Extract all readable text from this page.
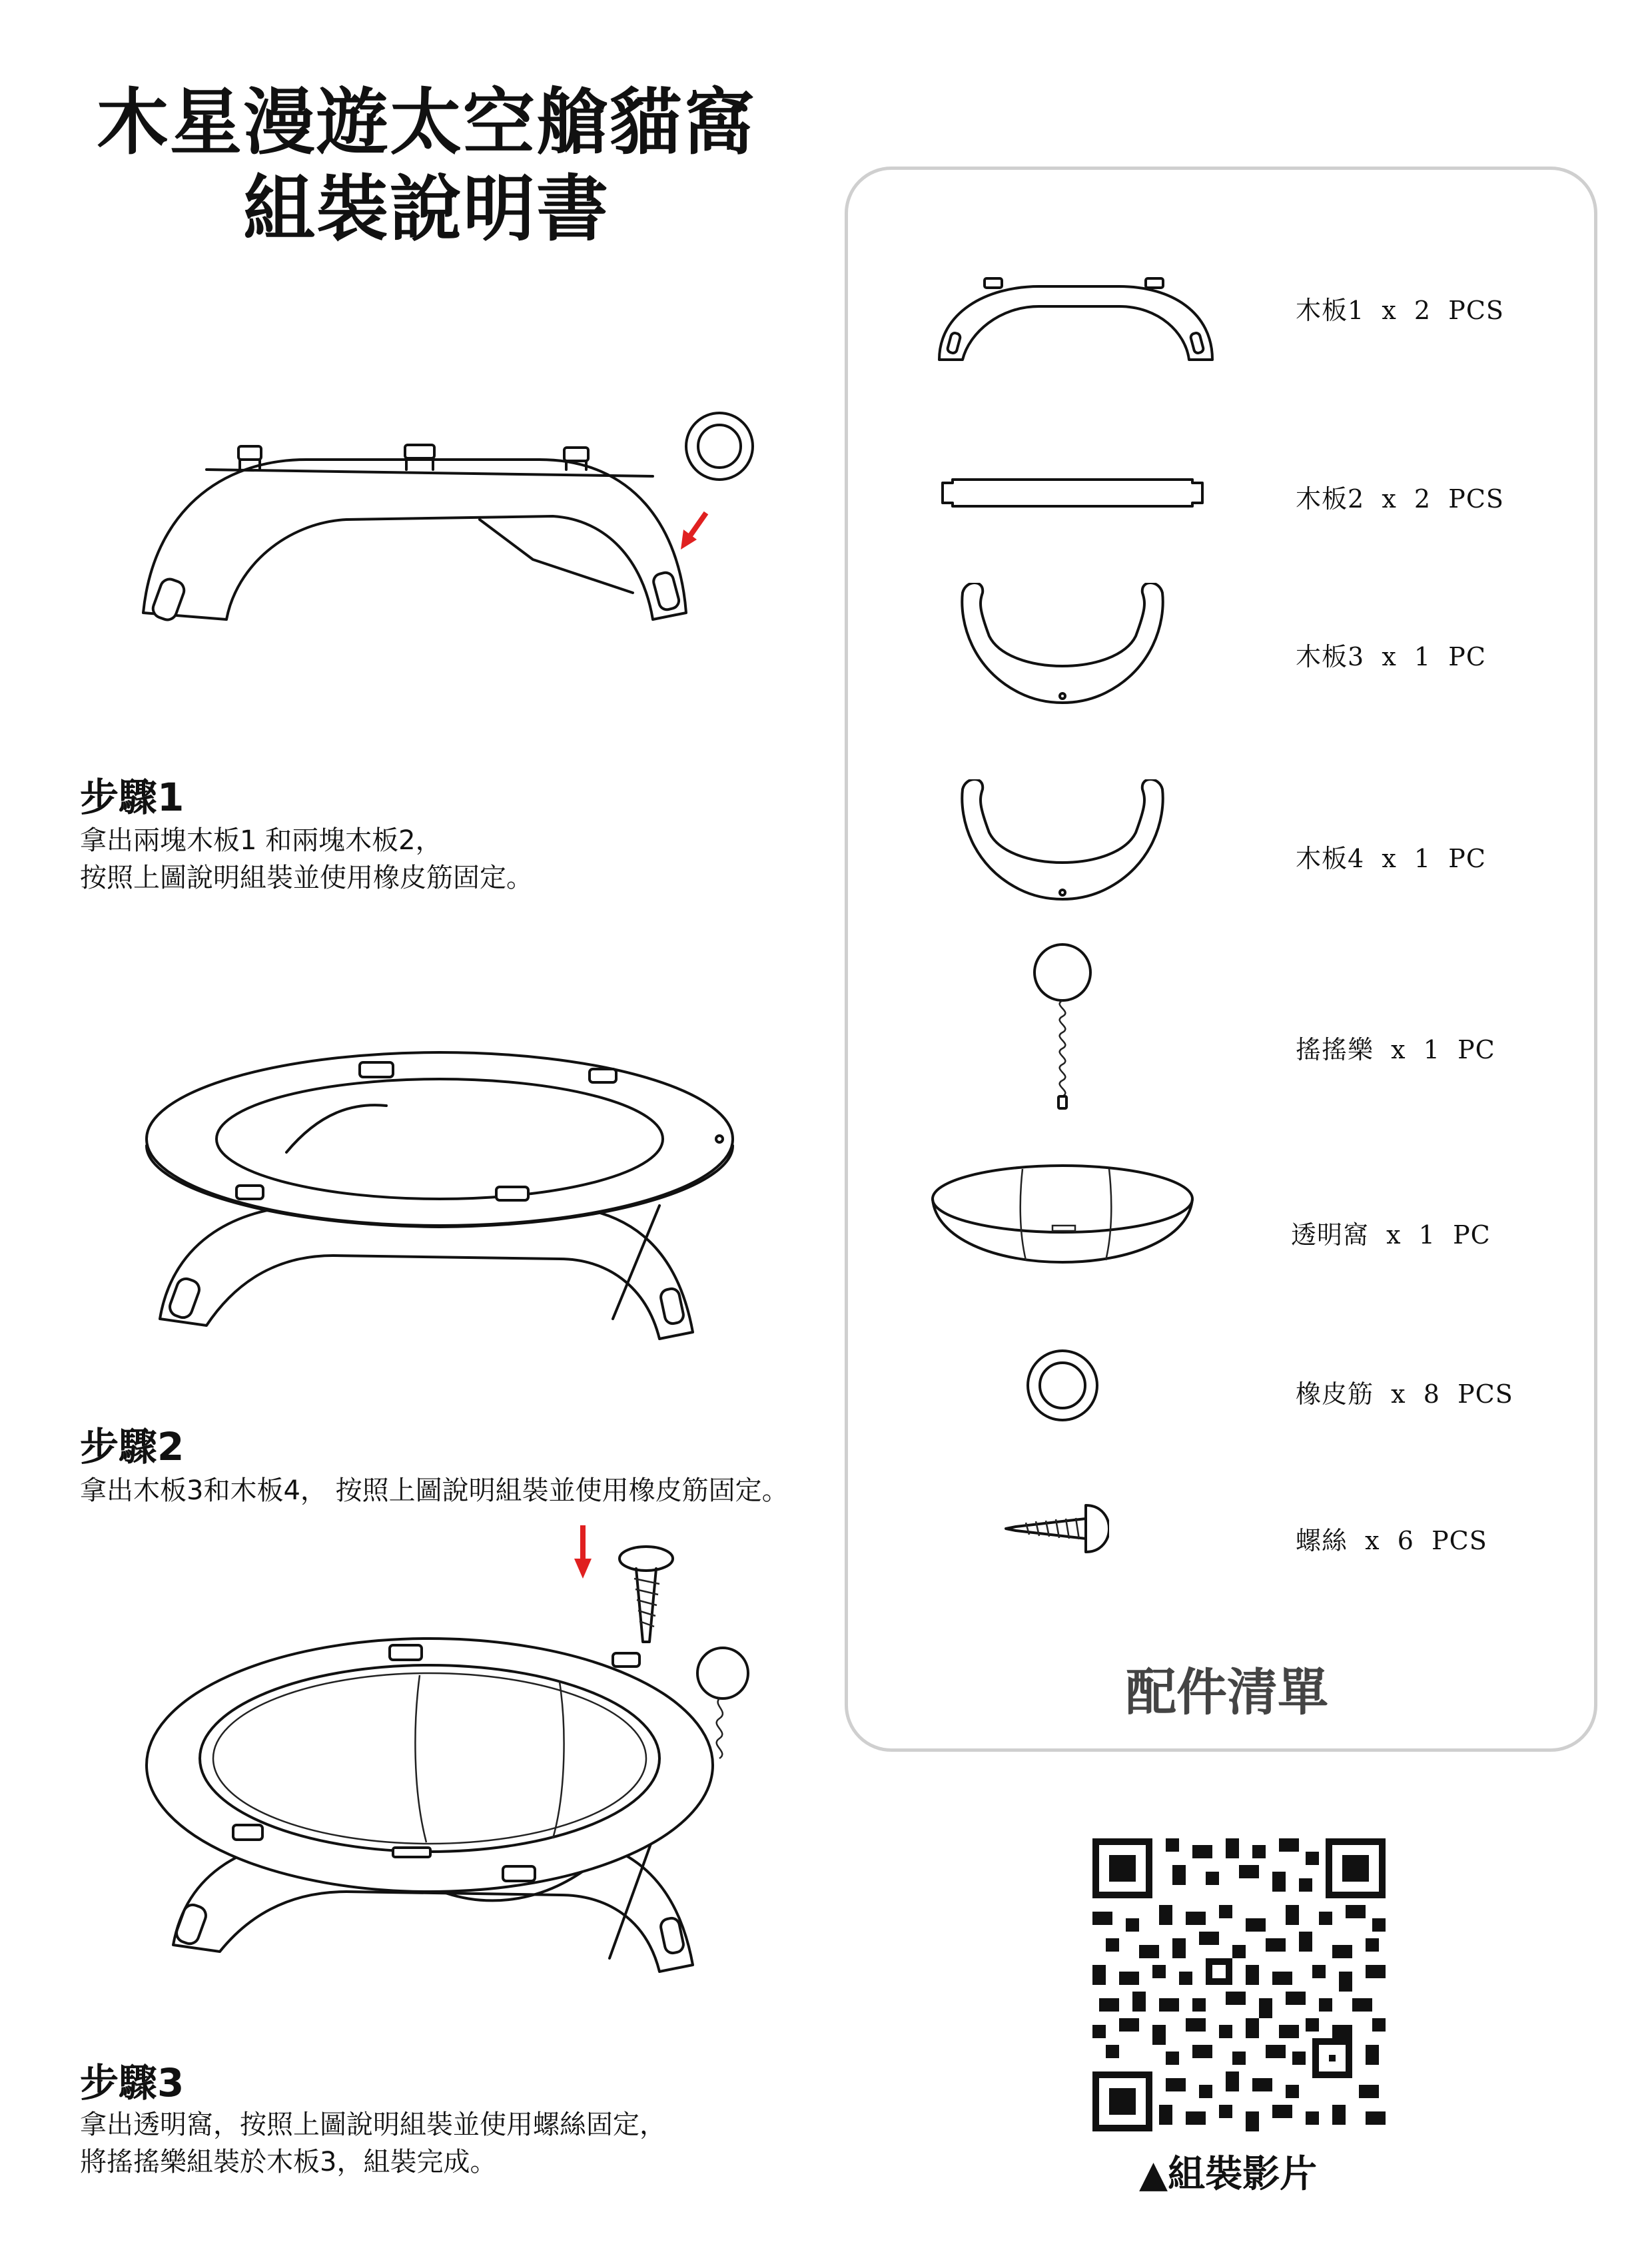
木星漫遊太空艙貓窩
組裝說明書
步驟1
拿出兩塊木板1 和兩塊木板2，
按照上圖說明組裝並使用橡皮筋固定。
步驟2
拿出木板3和木板4， 按照上圖說明組裝並使用橡皮筋固定。
步驟3
拿出透明窩，按照上圖說明組裝並使用螺絲固定，
將搖搖樂組裝於木板3，組裝完成。
木板1  x  2  PCS
木板2  x  2  PCS
木板3  x  1  PC
木板4  x  1  PC
搖搖樂  x  1  PC
透明窩  x  1  PC
橡皮筋  x  8  PCS
螺絲  x  6  PCS
配件清單
▲組裝影片
